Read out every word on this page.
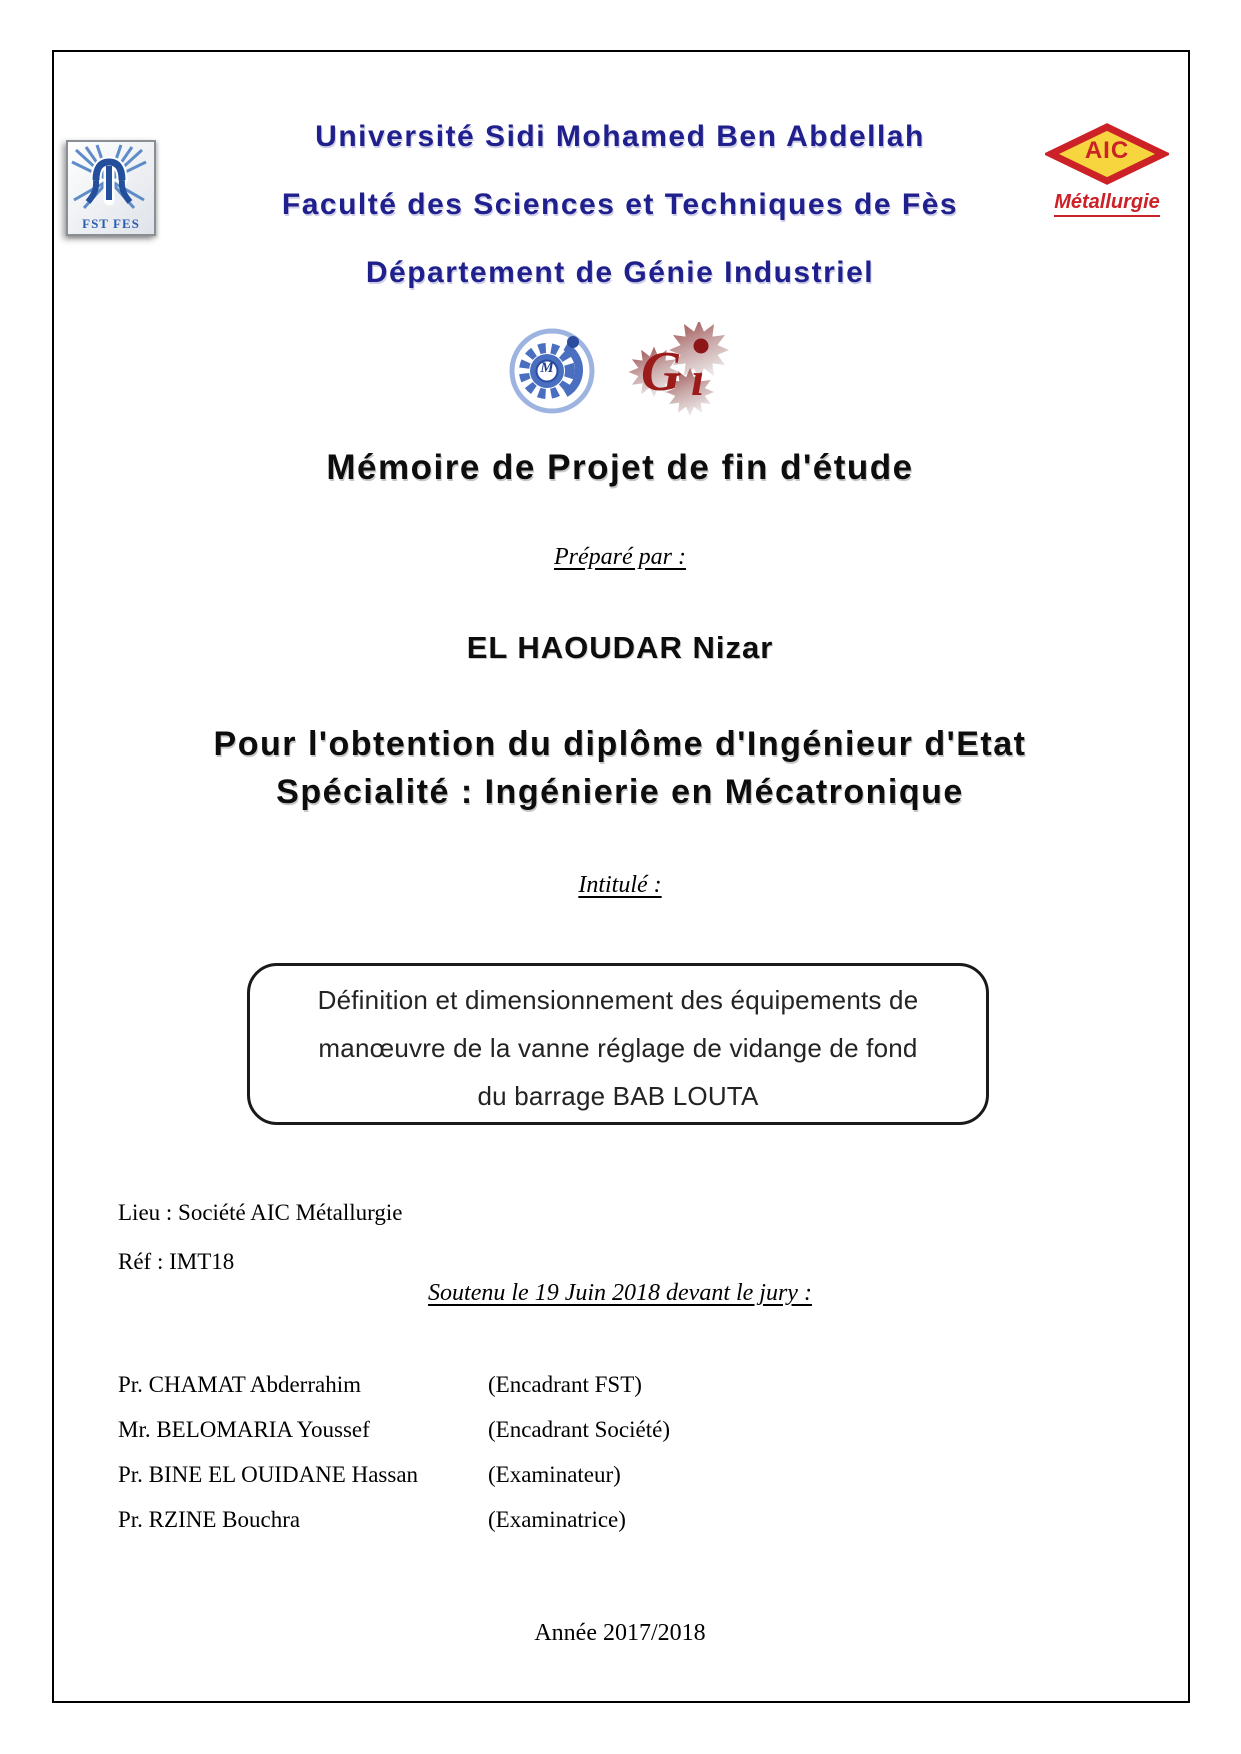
FST FES

AIC
Métallurgie
Université Sidi Mohamed Ben Abdellah
Faculté des Sciences et Techniques de Fès
Département de Génie Industriel
M G ı
Mémoire de Projet de fin d'étude
Préparé par :
EL HAOUDAR Nizar
Pour l'obtention du diplôme d'Ingénieur d'Etat
Spécialité : Ingénierie en Mécatronique
Intitulé :
Définition et dimensionnement des équipements de
manœuvre de la vanne réglage de vidange de fond
du barrage BAB LOUTA
Lieu : Société AIC Métallurgie
Réf : IMT18
Soutenu le 19 Juin 2018 devant le jury :
Pr. CHAMAT Abderrahim	(Encadrant FST)
Mr. BELOMARIA Youssef	(Encadrant Société)
Pr. BINE EL OUIDANE Hassan	(Examinateur)
Pr. RZINE Bouchra	(Examinatrice)
Année 2017/2018
